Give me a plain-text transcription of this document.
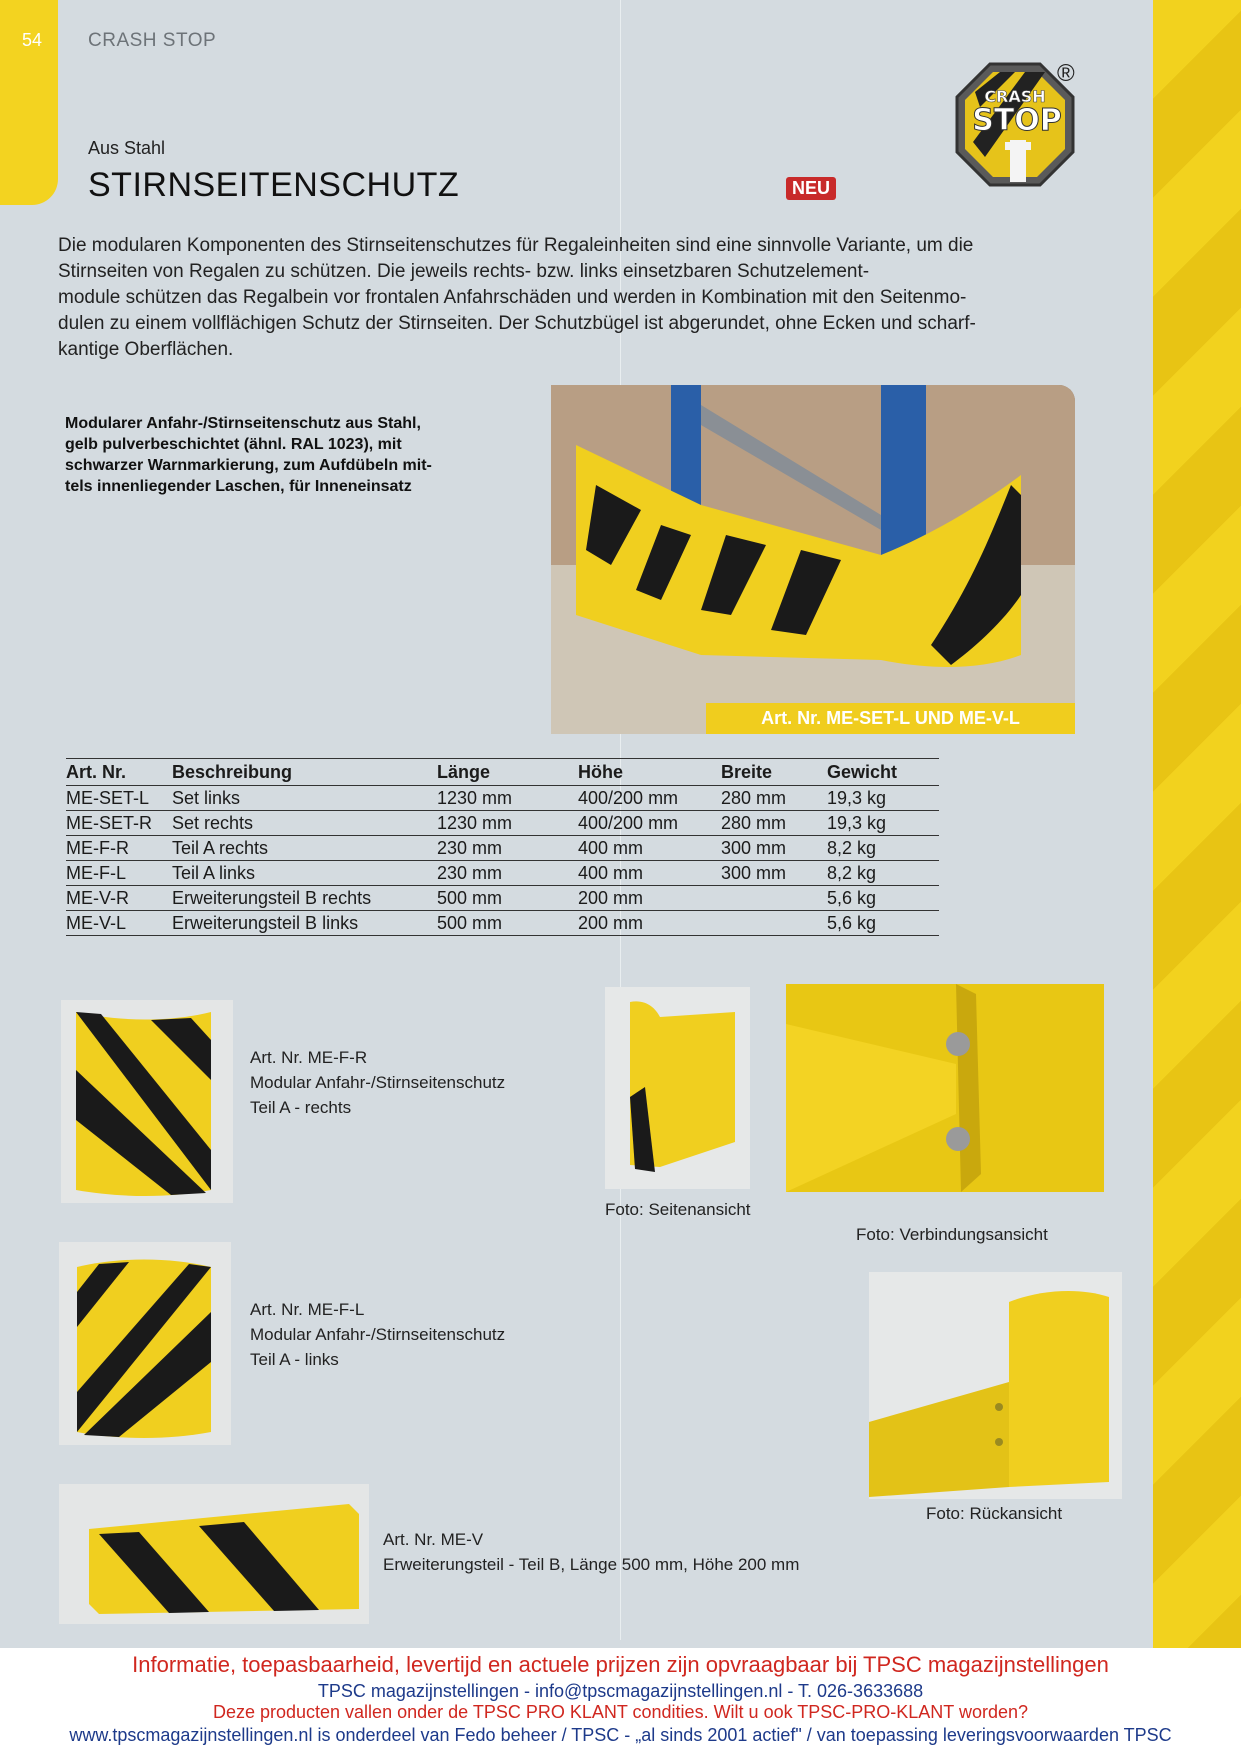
54 CRASH STOP
Aus Stahl
STIRNSEITENSCHUTZ	NEU
CRASH
STOP
®

Die modularen Komponenten des Stirnseitenschutzes für Regaleinheiten sind eine sinnvolle Variante, um die

Stirnseiten von Regalen zu schützen. Die jeweils rechts- bzw. links einsetzbaren Schutzelement-

module schützen das Regalbein vor frontalen Anfahrschäden und werden in Kombination mit den Seitenmo-

dulen zu einem vollflächigen Schutz der Stirnseiten. Der Schutzbügel ist abgerundet, ohne Ecken und scharf-

kantige Oberflächen.

Modularer Anfahr-/Stirnseitenschutz aus Stahl,

gelb pulverbeschichtet (ähnl. RAL 1023), mit

schwarzer Warnmarkierung, zum Aufdübeln mit-

tels innenliegender Laschen, für Inneneinsatz

Art. Nr. ME-SET-L UND ME-V-L
Art. Nr.	Beschreibung	Länge	Höhe	Breite	Gewicht
ME-SET-L	Set links	1230 mm	400/200 mm	280 mm	19,3 kg
ME-SET-R	Set rechts	1230 mm	400/200 mm	280 mm	19,3 kg
ME-F-R	Teil A rechts	230 mm	400 mm	300 mm	8,2 kg
ME-F-L	Teil A links	230 mm	400 mm	300 mm	8,2 kg
ME-V-R	Erweiterungsteil B rechts	500 mm	200 mm		5,6 kg
ME-V-L	Erweiterungsteil B links	500 mm	200 mm		5,6 kg
Art. Nr. ME-F-R
Modular Anfahr-/Stirnseitenschutz
Teil A - rechts
Art. Nr. ME-F-L
Modular Anfahr-/Stirnseitenschutz
Teil A - links
Art. Nr. ME-V
Erweiterungsteil - Teil B, Länge 500 mm, Höhe 200 mm
Foto: Seitenansicht
Foto: Verbindungsansicht
Foto: Rückansicht
Informatie, toepasbaarheid, levertijd en actuele prijzen zijn opvraagbaar bij TPSC magazijnstellingen
TPSC magazijnstellingen - info@tpscmagazijnstellingen.nl - T. 026-3633688
Deze producten vallen onder de TPSC PRO KLANT condities. Wilt u ook TPSC-PRO-KLANT worden?
www.tpscmagazijnstellingen.nl is onderdeel van Fedo beheer / TPSC - „al sinds 2001 actief" / van toepassing leveringsvoorwaarden TPSC
